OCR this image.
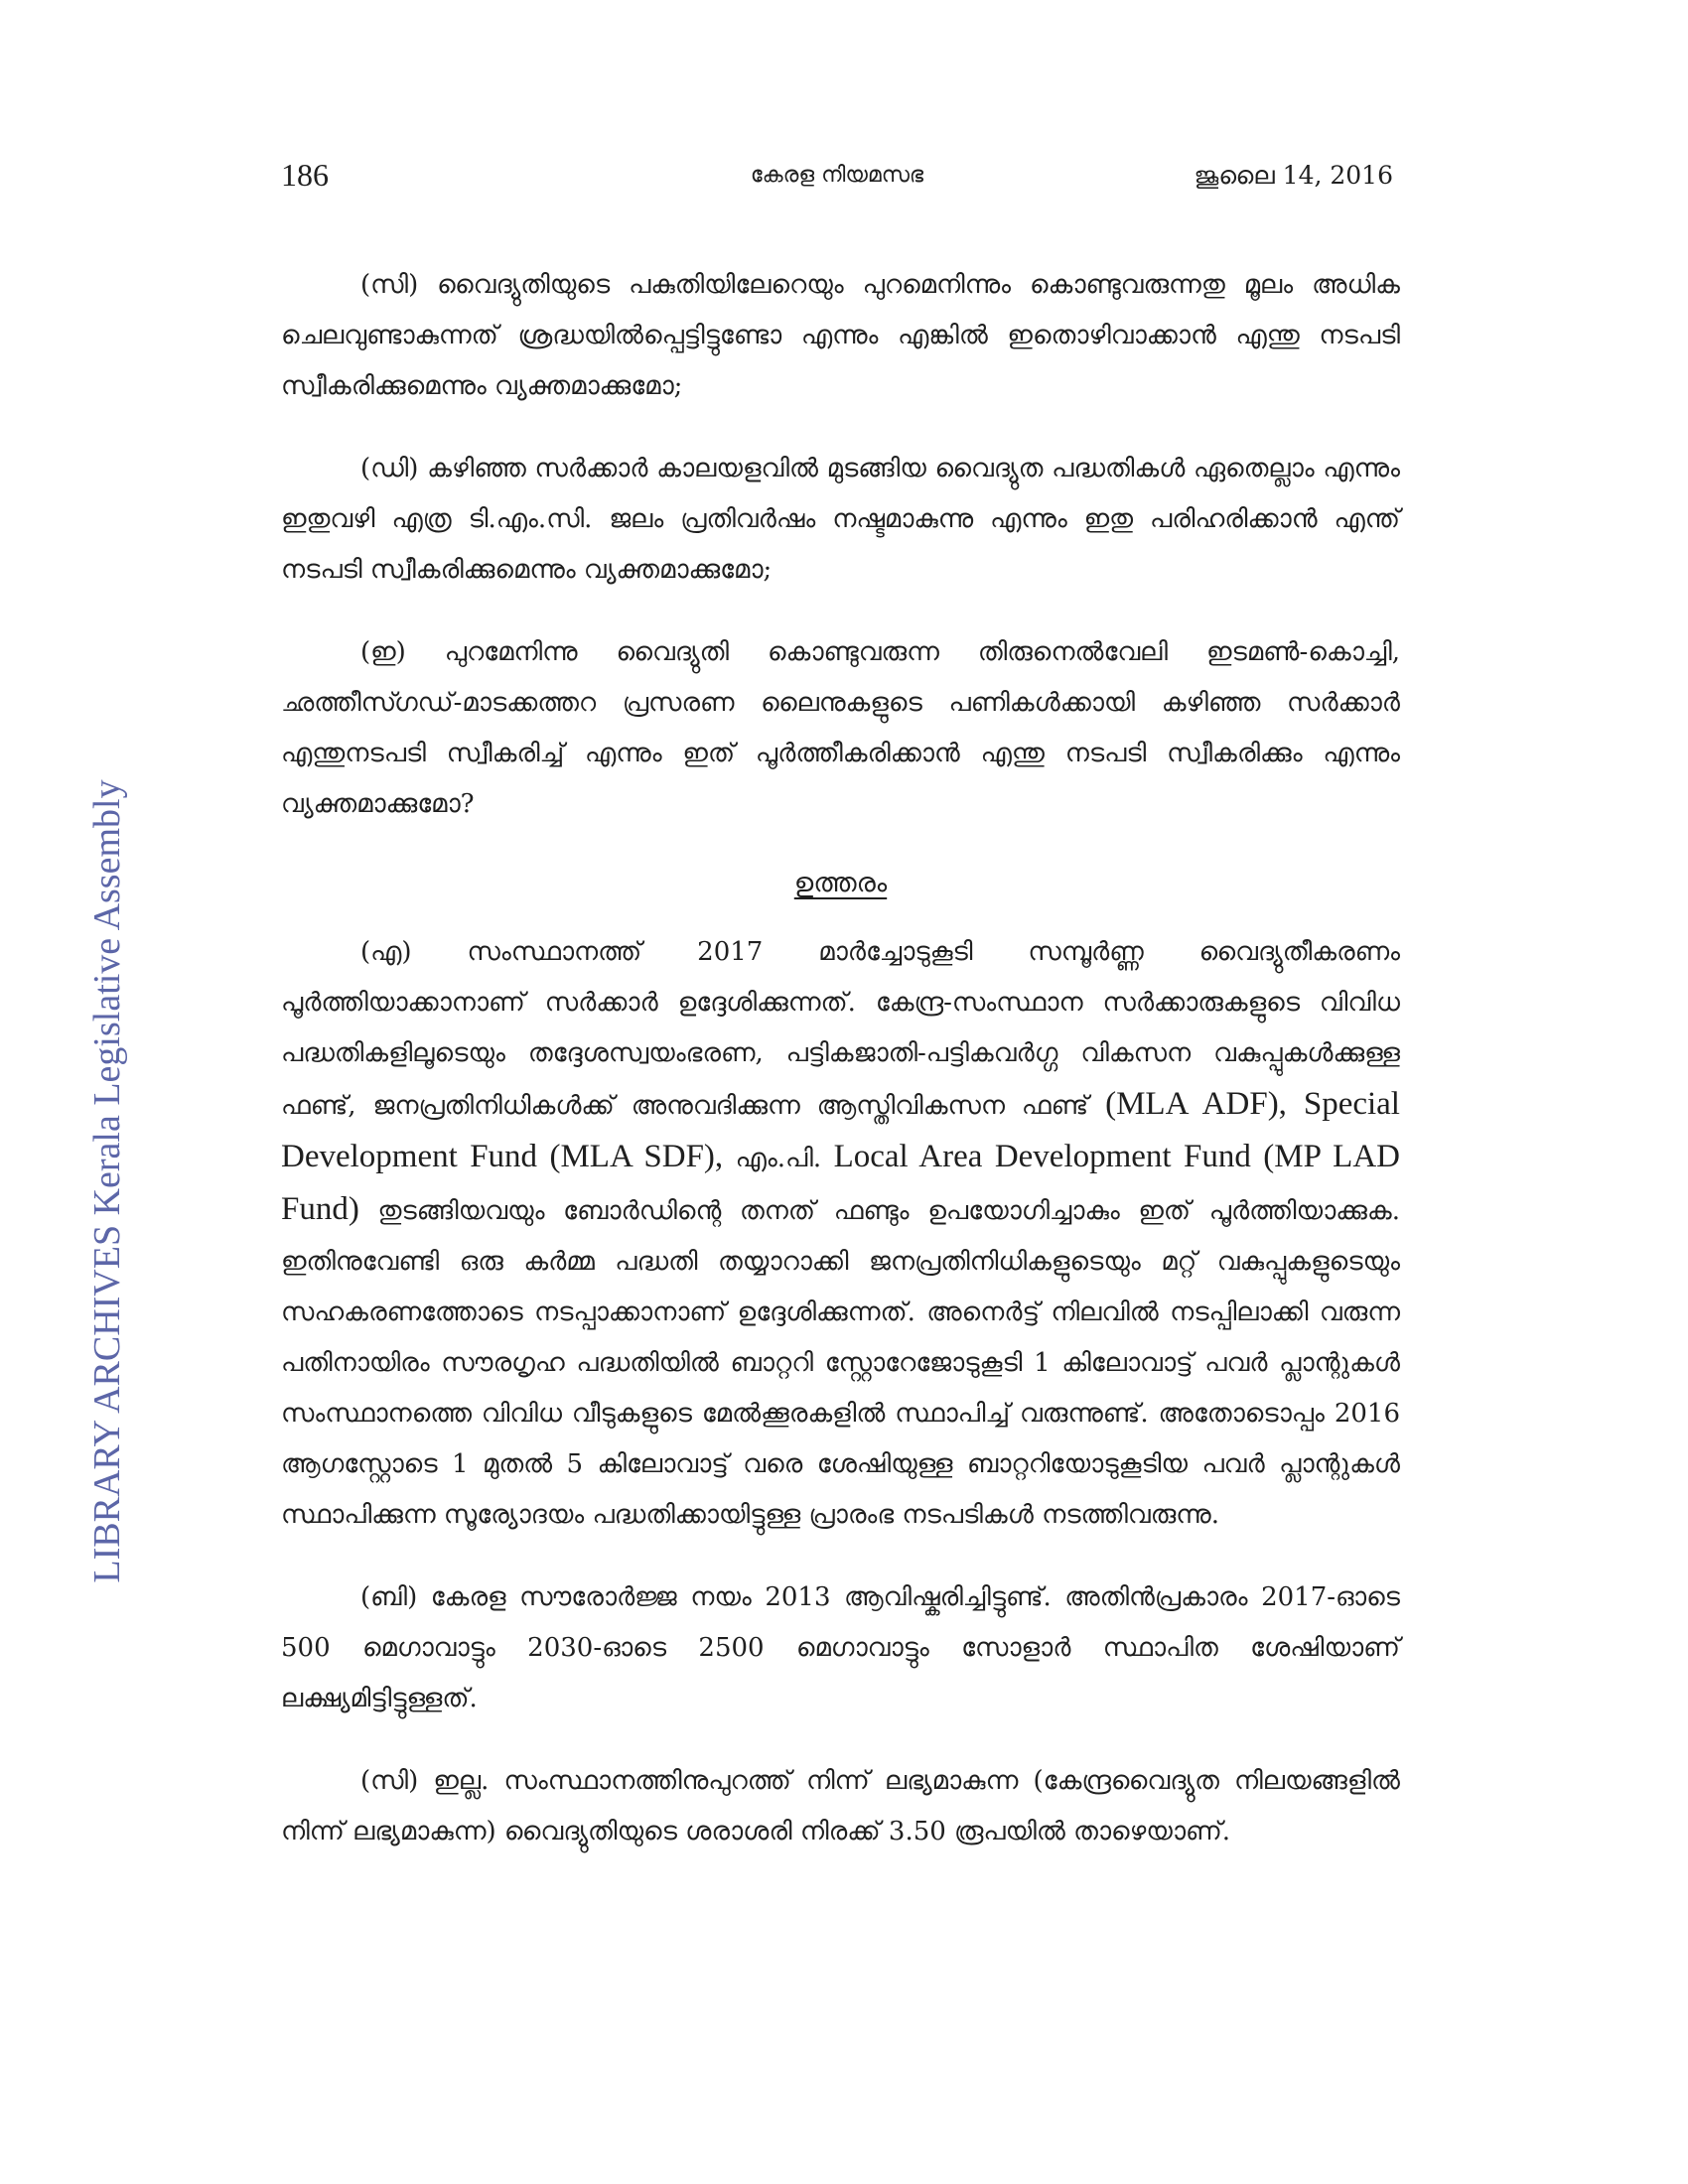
186	കേരള നിയമസഭ	ജൂലൈ 14, 2016
LIBRARY ARCHIVES Kerala Legislative Assembly

(സി) വൈദ്യുതിയുടെ പകുതിയിലേറെയും പുറമെനിന്നും കൊണ്ടുവരുന്നതു മൂലം അധിക ചെലവുണ്ടാകുന്നത് ശ്രദ്ധയിൽപ്പെട്ടിട്ടുണ്ടോ എന്നും എങ്കിൽ ഇതൊഴിവാക്കാൻ എന്തു നടപടി സ്വീകരിക്കുമെന്നും വ്യക്തമാക്കുമോ;

(ഡി) കഴിഞ്ഞ സർക്കാർ കാലയളവിൽ മുടങ്ങിയ വൈദ്യുത പദ്ധതികൾ ഏതെല്ലാം എന്നും ഇതുവഴി എത്ര ടി.എം.സി. ജലം പ്രതിവർഷം നഷ്ടമാകുന്നു എന്നും ഇതു പരിഹരിക്കാൻ എന്ത് നടപടി സ്വീകരിക്കുമെന്നും വ്യക്തമാക്കുമോ;

(ഇ) പുറമേനിന്നു വൈദ്യുതി കൊണ്ടുവരുന്ന തിരുനെൽവേലി ഇടമൺ-കൊച്ചി, ഛത്തീസ്ഗഡ്-മാടക്കത്തറ പ്രസരണ ലൈനുകളുടെ പണികൾക്കായി കഴിഞ്ഞ സർക്കാർ എന്തുനടപടി സ്വീകരിച്ച് എന്നും ഇത് പൂർത്തീകരിക്കാൻ എന്തു നടപടി സ്വീകരിക്കും എന്നും വ്യക്തമാക്കുമോ?

ഉത്തരം

(എ) സംസ്ഥാനത്ത് 2017 മാർച്ചോടുകൂടി സമ്പൂർണ്ണ വൈദ്യുതീകരണം പൂർത്തിയാക്കാനാണ് സർക്കാർ ഉദ്ദേശിക്കുന്നത്. കേന്ദ്ര-സംസ്ഥാന സർക്കാരുകളുടെ വിവിധ പദ്ധതികളിലൂടെയും തദ്ദേശസ്വയംഭരണ, പട്ടികജാതി-പട്ടികവർഗ്ഗ വികസന വകുപ്പുകൾക്കുള്ള ഫണ്ട്, ജനപ്രതിനിധികൾക്ക് അനുവദിക്കുന്ന ആസ്തിവികസന ഫണ്ട് (MLA ADF), Special Development Fund (MLA SDF), എം.പി. Local Area Development Fund (MP LAD Fund) തുടങ്ങിയവയും ബോർഡിന്റെ തനത് ഫണ്ടും ഉപയോഗിച്ചാകും ഇത് പൂർത്തിയാക്കുക. ഇതിനുവേണ്ടി ഒരു കർമ്മ പദ്ധതി തയ്യാറാക്കി ജനപ്രതിനിധികളുടെയും മറ്റ് വകുപ്പുകളുടെയും സഹകരണത്തോടെ നടപ്പാക്കാനാണ് ഉദ്ദേശിക്കുന്നത്. അനെർട്ട് നിലവിൽ നടപ്പിലാക്കി വരുന്ന പതിനായിരം സൗരഗൃഹ പദ്ധതിയിൽ ബാറ്ററി സ്റ്റോറേജോടുകൂടി 1 കിലോവാട്ട് പവർ പ്ലാന്റുകൾ സംസ്ഥാനത്തെ വിവിധ വീടുകളുടെ മേൽക്കൂരകളിൽ സ്ഥാപിച്ച് വരുന്നുണ്ട്. അതോടൊപ്പം 2016 ആഗസ്റ്റോടെ 1 മുതൽ 5 കിലോവാട്ട് വരെ ശേഷിയുള്ള ബാറ്ററിയോടുകൂടിയ പവർ പ്ലാന്റുകൾ സ്ഥാപിക്കുന്ന സൂര്യോദയം പദ്ധതിക്കായിട്ടുള്ള പ്രാരംഭ നടപടികൾ നടത്തിവരുന്നു.

(ബി) കേരള സൗരോർജ്ജ നയം 2013 ആവിഷ്കരിച്ചിട്ടുണ്ട്. അതിൻപ്രകാരം 2017-ഓടെ 500 മെഗാവാട്ടും 2030-ഓടെ 2500 മെഗാവാട്ടും സോളാർ സ്ഥാപിത ശേഷിയാണ് ലക്ഷ്യമിട്ടിട്ടുള്ളത്.

(സി) ഇല്ല. സംസ്ഥാനത്തിനുപുറത്ത് നിന്ന് ലഭ്യമാകുന്ന (കേന്ദ്രവൈദ്യുത നിലയങ്ങളിൽ നിന്ന് ലഭ്യമാകുന്ന) വൈദ്യുതിയുടെ ശരാശരി നിരക്ക് 3.50 രൂപയിൽ താഴെയാണ്.
